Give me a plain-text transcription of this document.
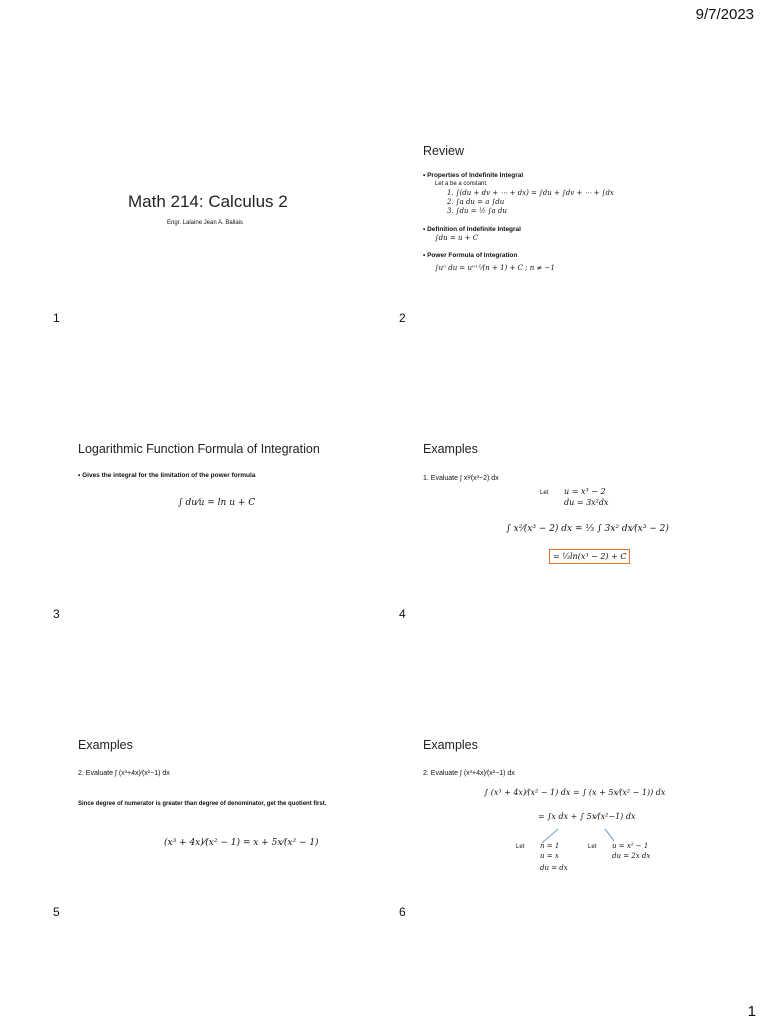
9/7/2023
Math 214: Calculus 2
Engr. Lalaine Jean A. Ballais
1
Review
• Properties of Indefinite Integral
Let a be a constant.
1. ∫(du + dv + ⋯ + dx) = ∫du + ∫dv + ⋯ + ∫dx
2. ∫a du = a ∫du
3. ∫du = ½ ∫a du
• Definition of Indefinite Integral
∫du = u + C
• Power Formula of Integration
∫uⁿ du = uⁿ⁺¹⁄(n + 1) + C ; n ≠ −1
2
Logarithmic Function Formula of Integration
• Gives the integral for the limitation of the power formula
∫ du⁄u = ln u + C
3
Examples
1. Evaluate ∫ x²⁄(x³−2) dx
Let u = x³ − 2
du = 3x²dx
∫ x²⁄(x³ − 2) dx = ⅓ ∫ 3x² dx⁄(x³ − 2)
= ⅓ln(x³ − 2) + C
4
Examples
2. Evaluate ∫ (x³+4x)⁄(x²−1) dx
Since degree of numerator is greater than degree of denominator, get the quotient first.
(x³ + 4x)⁄(x² − 1) = x + 5x⁄(x² − 1)
5
Examples
2. Evaluate ∫ (x³+4x)⁄(x²−1) dx
∫ (x³ + 4x)⁄(x² − 1) dx = ∫ (x + 5x⁄(x² − 1)) dx
= ∫x dx + ∫ 5x⁄(x²−1) dx
Let n = 1
u = x
du = dx
Let u = x² − 1
du = 2x dx
6
1
